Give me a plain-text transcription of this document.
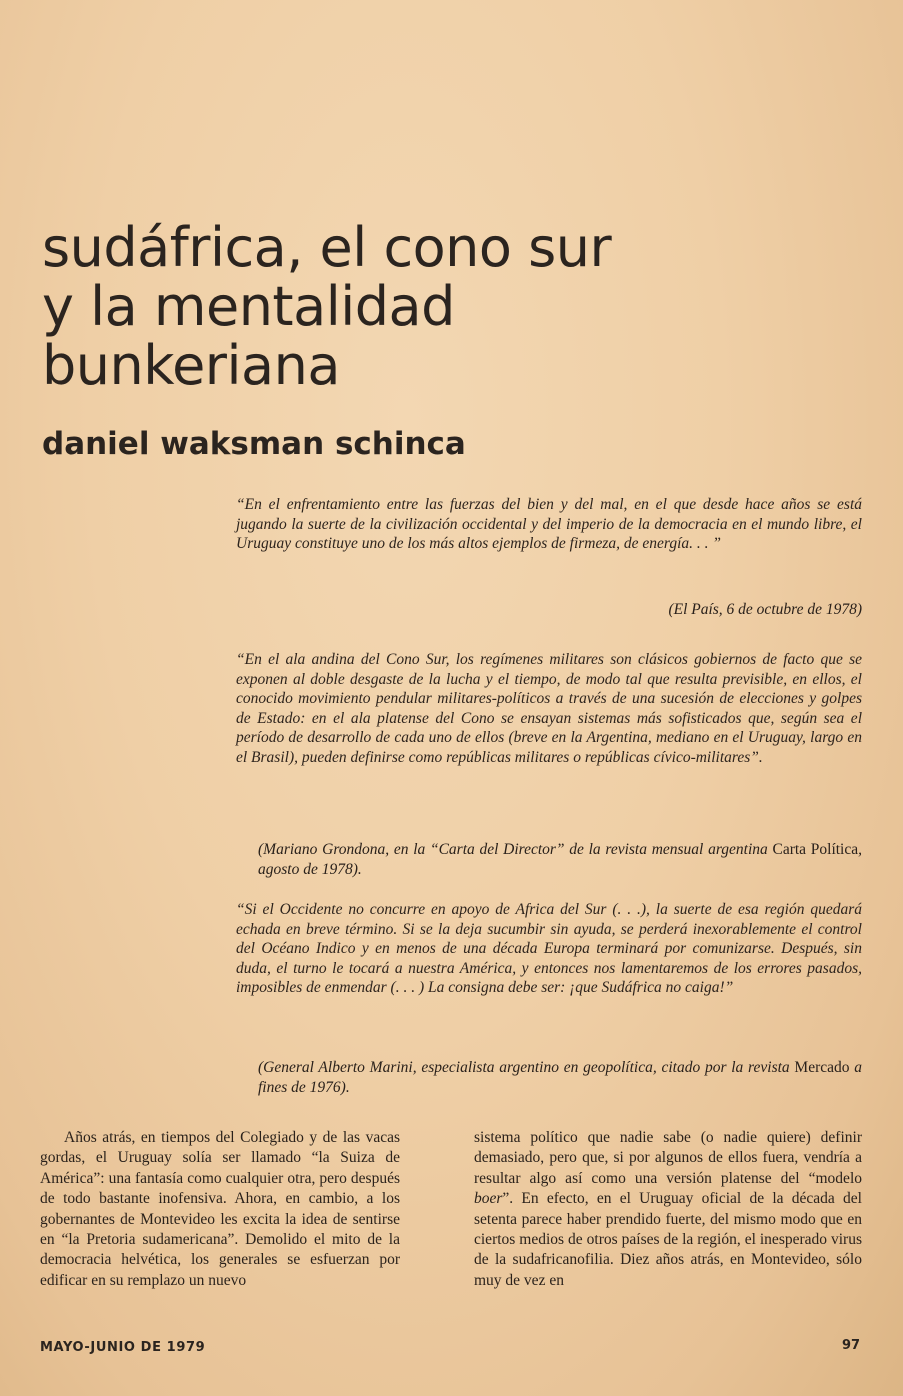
sudáfrica, el cono sur
y la mentalidad
bunkeriana
daniel waksman schinca

“En el enfrentamiento entre las fuerzas del bien y del mal, en el que desde hace años se está jugando la suerte de la civilización occidental y del imperio de la democracia en el mundo libre, el Uruguay constituye uno de los más altos ejemplos de firmeza, de energía. . . ”

(El País, 6 de octubre de 1978)

“En el ala andina del Cono Sur, los regímenes militares son clásicos gobiernos de facto que se exponen al doble desgaste de la lucha y el tiempo, de modo tal que resulta previsible, en ellos, el conocido movimiento pendular militares-políticos a través de una sucesión de elecciones y golpes de Estado: en el ala platense del Cono se ensayan sistemas más sofisticados que, según sea el período de desarrollo de cada uno de ellos (breve en la Argentina, mediano en el Uruguay, largo en el Brasil), pueden definirse como repúblicas militares o repúblicas cívico-militares”.

(Mariano Grondona, en la “Carta del Director” de la revista mensual argentina Carta Política, agosto de 1978).

“Si el Occidente no concurre en apoyo de Africa del Sur (. . .), la suerte de esa región quedará echada en breve término. Si se la deja sucumbir sin ayuda, se perderá inexorablemente el control del Océano Indico y en menos de una década Europa terminará por comunizarse. Después, sin duda, el turno le tocará a nuestra América, y entonces nos lamentaremos de los errores pasados, imposibles de enmendar (. . . ) La consigna debe ser: ¡que Sudáfrica no caiga!”

(General Alberto Marini, especialista argentino en geopolítica, citado por la revista Mercado a fines de 1976).

Años atrás, en tiempos del Colegiado y de las vacas gordas, el Uruguay solía ser llamado “la Suiza de América”: una fantasía como cualquier otra, pero después de todo bastante inofensiva. Ahora, en cambio, a los gobernantes de Montevideo les excita la idea de sentirse en “la Pretoria sudamericana”. Demolido el mito de la democracia helvética, los generales se esfuerzan por edificar en su remplazo un nuevo

sistema político que nadie sabe (o nadie quiere) definir demasiado, pero que, si por algunos de ellos fuera, vendría a resultar algo así como una versión platense del “modelo boer”. En efecto, en el Uruguay oficial de la década del setenta parece haber prendido fuerte, del mismo modo que en ciertos medios de otros países de la región, el inesperado virus de la sudafricanofilia. Diez años atrás, en Montevideo, sólo muy de vez en

MAYO-JUNIO DE 1979	97
